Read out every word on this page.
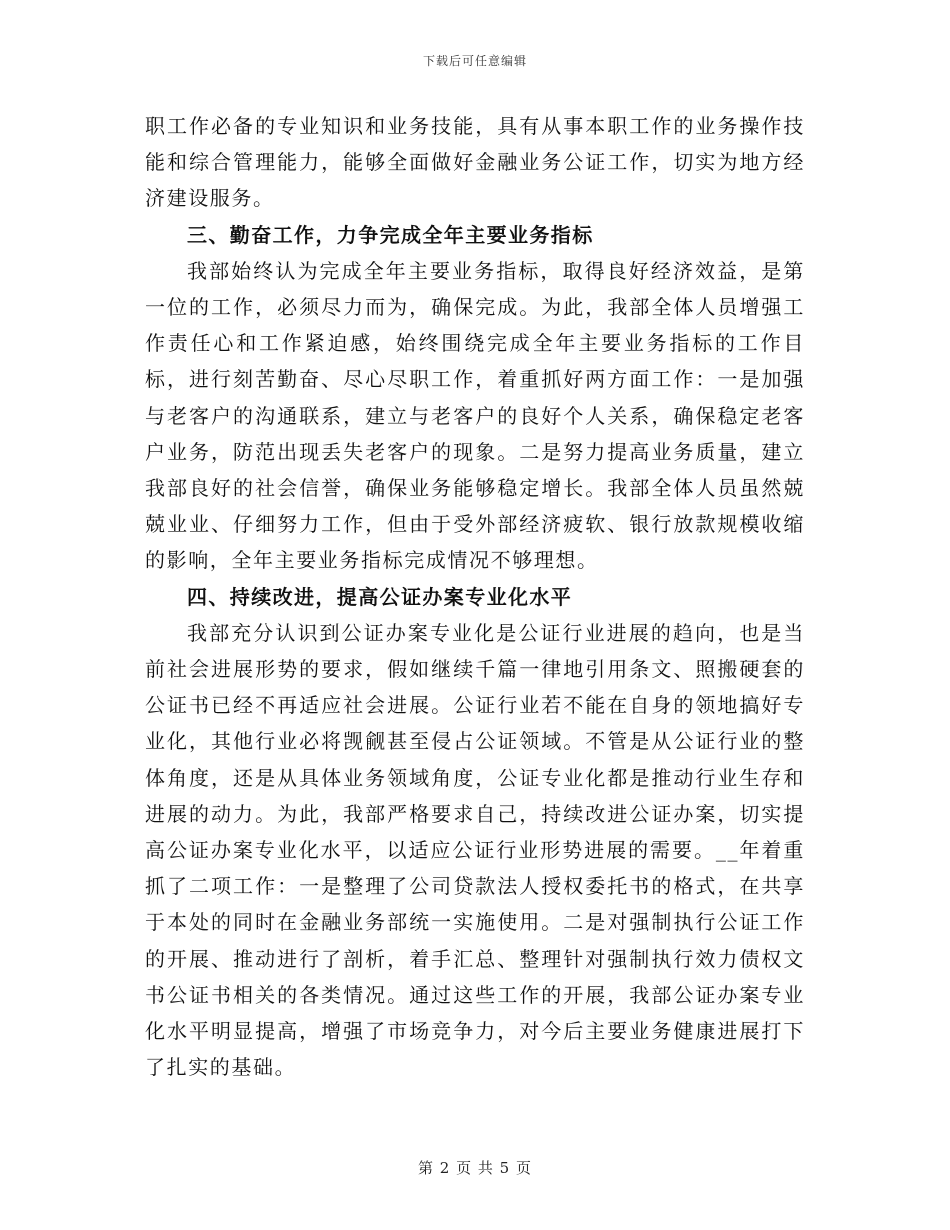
下载后可任意编辑

职工作必备的专业知识和业务技能，具有从事本职工作的业务操作技能和综合管理能力，能够全面做好金融业务公证工作，切实为地方经济建设服务。

三、勤奋工作，力争完成全年主要业务指标

我部始终认为完成全年主要业务指标，取得良好经济效益，是第一位的工作，必须尽力而为，确保完成。为此，我部全体人员增强工作责任心和工作紧迫感，始终围绕完成全年主要业务指标的工作目标，进行刻苦勤奋、尽心尽职工作，着重抓好两方面工作：一是加强与老客户的沟通联系，建立与老客户的良好个人关系，确保稳定老客户业务，防范出现丢失老客户的现象。二是努力提高业务质量，建立我部良好的社会信誉，确保业务能够稳定增长。我部全体人员虽然兢兢业业、仔细努力工作，但由于受外部经济疲软、银行放款规模收缩的影响，全年主要业务指标完成情况不够理想。

四、持续改进，提高公证办案专业化水平

我部充分认识到公证办案专业化是公证行业进展的趋向，也是当前社会进展形势的要求，假如继续千篇一律地引用条文、照搬硬套的公证书已经不再适应社会进展。公证行业若不能在自身的领地搞好专业化，其他行业必将觊觎甚至侵占公证领域。不管是从公证行业的整体角度，还是从具体业务领域角度，公证专业化都是推动行业生存和进展的动力。为此，我部严格要求自己，持续改进公证办案，切实提高公证办案专业化水平，以适应公证行业形势进展的需要。__年着重抓了二项工作：一是整理了公司贷款法人授权委托书的格式，在共享于本处的同时在金融业务部统一实施使用。二是对强制执行公证工作的开展、推动进行了剖析，着手汇总、整理针对强制执行效力债权文书公证书相关的各类情况。通过这些工作的开展，我部公证办案专业化水平明显提高，增强了市场竞争力，对今后主要业务健康进展打下了扎实的基础。

第 2 页 共 5 页
